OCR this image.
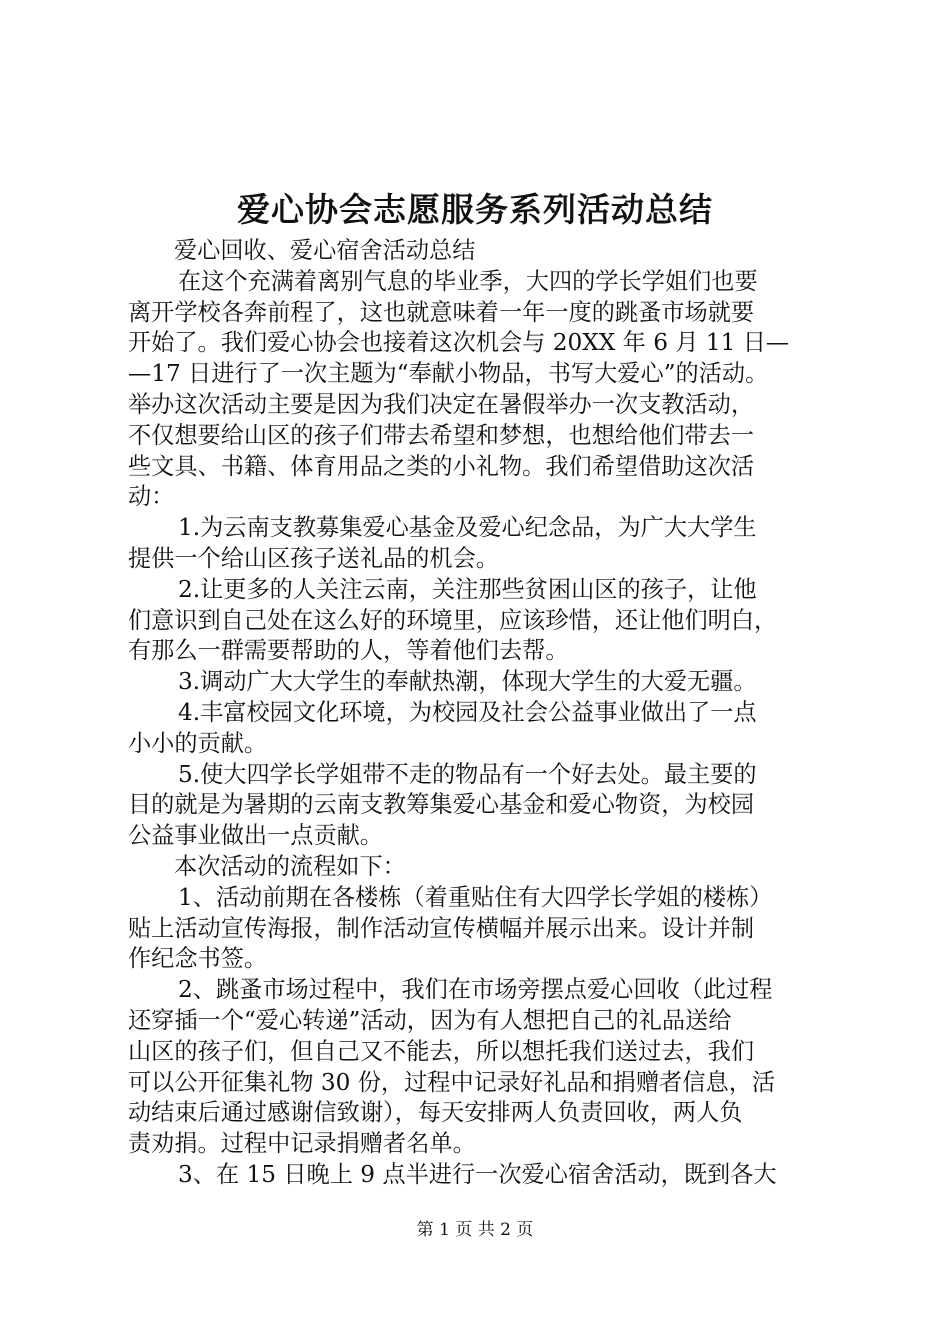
爱心协会志愿服务系列活动总结
爱心回收、爱心宿舍活动总结
在这个充满着离别气息的毕业季，大四的学长学姐们也要
离开学校各奔前程了，这也就意味着一年一度的跳蚤市场就要
开始了。我们爱心协会也接着这次机会与 20XX 年 6 月 11 日—
—17 日进行了一次主题为“奉献小物品，书写大爱心”的活动。
举办这次活动主要是因为我们决定在暑假举办一次支教活动，
不仅想要给山区的孩子们带去希望和梦想，也想给他们带去一
些文具、书籍、体育用品之类的小礼物。我们希望借助这次活
动：
1.为云南支教募集爱心基金及爱心纪念品，为广大大学生
提供一个给山区孩子送礼品的机会。
2.让更多的人关注云南，关注那些贫困山区的孩子，让他
们意识到自己处在这么好的环境里，应该珍惜，还让他们明白，
有那么一群需要帮助的人，等着他们去帮。
3.调动广大大学生的奉献热潮，体现大学生的大爱无疆。
4.丰富校园文化环境，为校园及社会公益事业做出了一点
小小的贡献。
5.使大四学长学姐带不走的物品有一个好去处。最主要的
目的就是为暑期的云南支教筹集爱心基金和爱心物资，为校园
公益事业做出一点贡献。
本次活动的流程如下：
1、活动前期在各楼栋（着重贴住有大四学长学姐的楼栋）
贴上活动宣传海报，制作活动宣传横幅并展示出来。设计并制
作纪念书签。
2、跳蚤市场过程中，我们在市场旁摆点爱心回收（此过程
还穿插一个“爱心转递”活动，因为有人想把自己的礼品送给
山区的孩子们，但自己又不能去，所以想托我们送过去，我们
可以公开征集礼物 30 份，过程中记录好礼品和捐赠者信息，活
动结束后通过感谢信致谢），每天安排两人负责回收，两人负
责劝捐。过程中记录捐赠者名单。
3、在 15 日晚上 9 点半进行一次爱心宿舍活动，既到各大
第 1 页 共 2 页
